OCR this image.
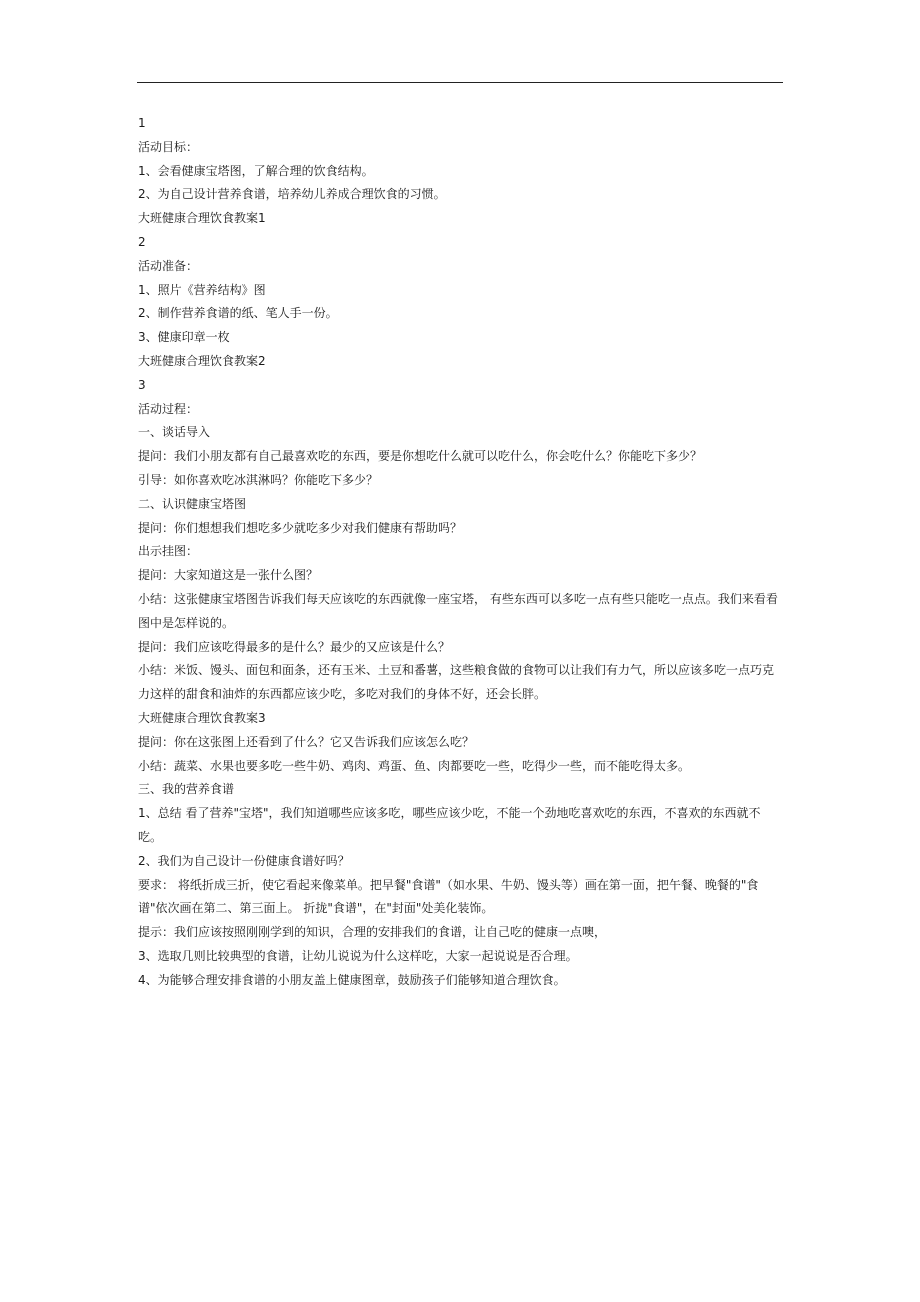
1
活动目标：
1、会看健康宝塔图，了解合理的饮食结构。
2、为自己设计营养食谱，培养幼儿养成合理饮食的习惯。
大班健康合理饮食教案1
2
活动准备：
1、照片《营养结构》图
2、制作营养食谱的纸、笔人手一份。
3、健康印章一枚
大班健康合理饮食教案2
3
活动过程：
一、谈话导入
提问：我们小朋友都有自己最喜欢吃的东西，要是你想吃什么就可以吃什么，你会吃什么？你能吃下多少？
引导：如你喜欢吃冰淇淋吗？你能吃下多少？
二、认识健康宝塔图
提问：你们想想我们想吃多少就吃多少对我们健康有帮助吗？
出示挂图：
提问：大家知道这是一张什么图？
小结：这张健康宝塔图告诉我们每天应该吃的东西就像一座宝塔， 有些东西可以多吃一点有些只能吃一点点。我们来看看图中是怎样说的。
提问：我们应该吃得最多的是什么？最少的又应该是什么？
小结：米饭、馒头、面包和面条，还有玉米、土豆和番薯，这些粮食做的食物可以让我们有力气，所以应该多吃一点巧克力这样的甜食和油炸的东西都应该少吃，多吃对我们的身体不好，还会长胖。
大班健康合理饮食教案3
提问：你在这张图上还看到了什么？它又告诉我们应该怎么吃？
小结：蔬菜、水果也要多吃一些牛奶、鸡肉、鸡蛋、鱼、肉都要吃一些，吃得少一些，而不能吃得太多。
三、我的营养食谱
1、总结 看了营养"宝塔"，我们知道哪些应该多吃，哪些应该少吃，不能一个劲地吃喜欢吃的东西，不喜欢的东西就不吃。
2、我们为自己设计一份健康食谱好吗？
要求： 将纸折成三折，使它看起来像菜单。把早餐"食谱"（如水果、牛奶、馒头等）画在第一面，把午餐、晚餐的"食谱"依次画在第二、第三面上。 折拢"食谱"，在"封面"处美化装饰。
提示：我们应该按照刚刚学到的知识，合理的安排我们的食谱，让自己吃的健康一点噢，
3、选取几则比较典型的食谱，让幼儿说说为什么这样吃，大家一起说说是否合理。
4、为能够合理安排食谱的小朋友盖上健康图章，鼓励孩子们能够知道合理饮食。
